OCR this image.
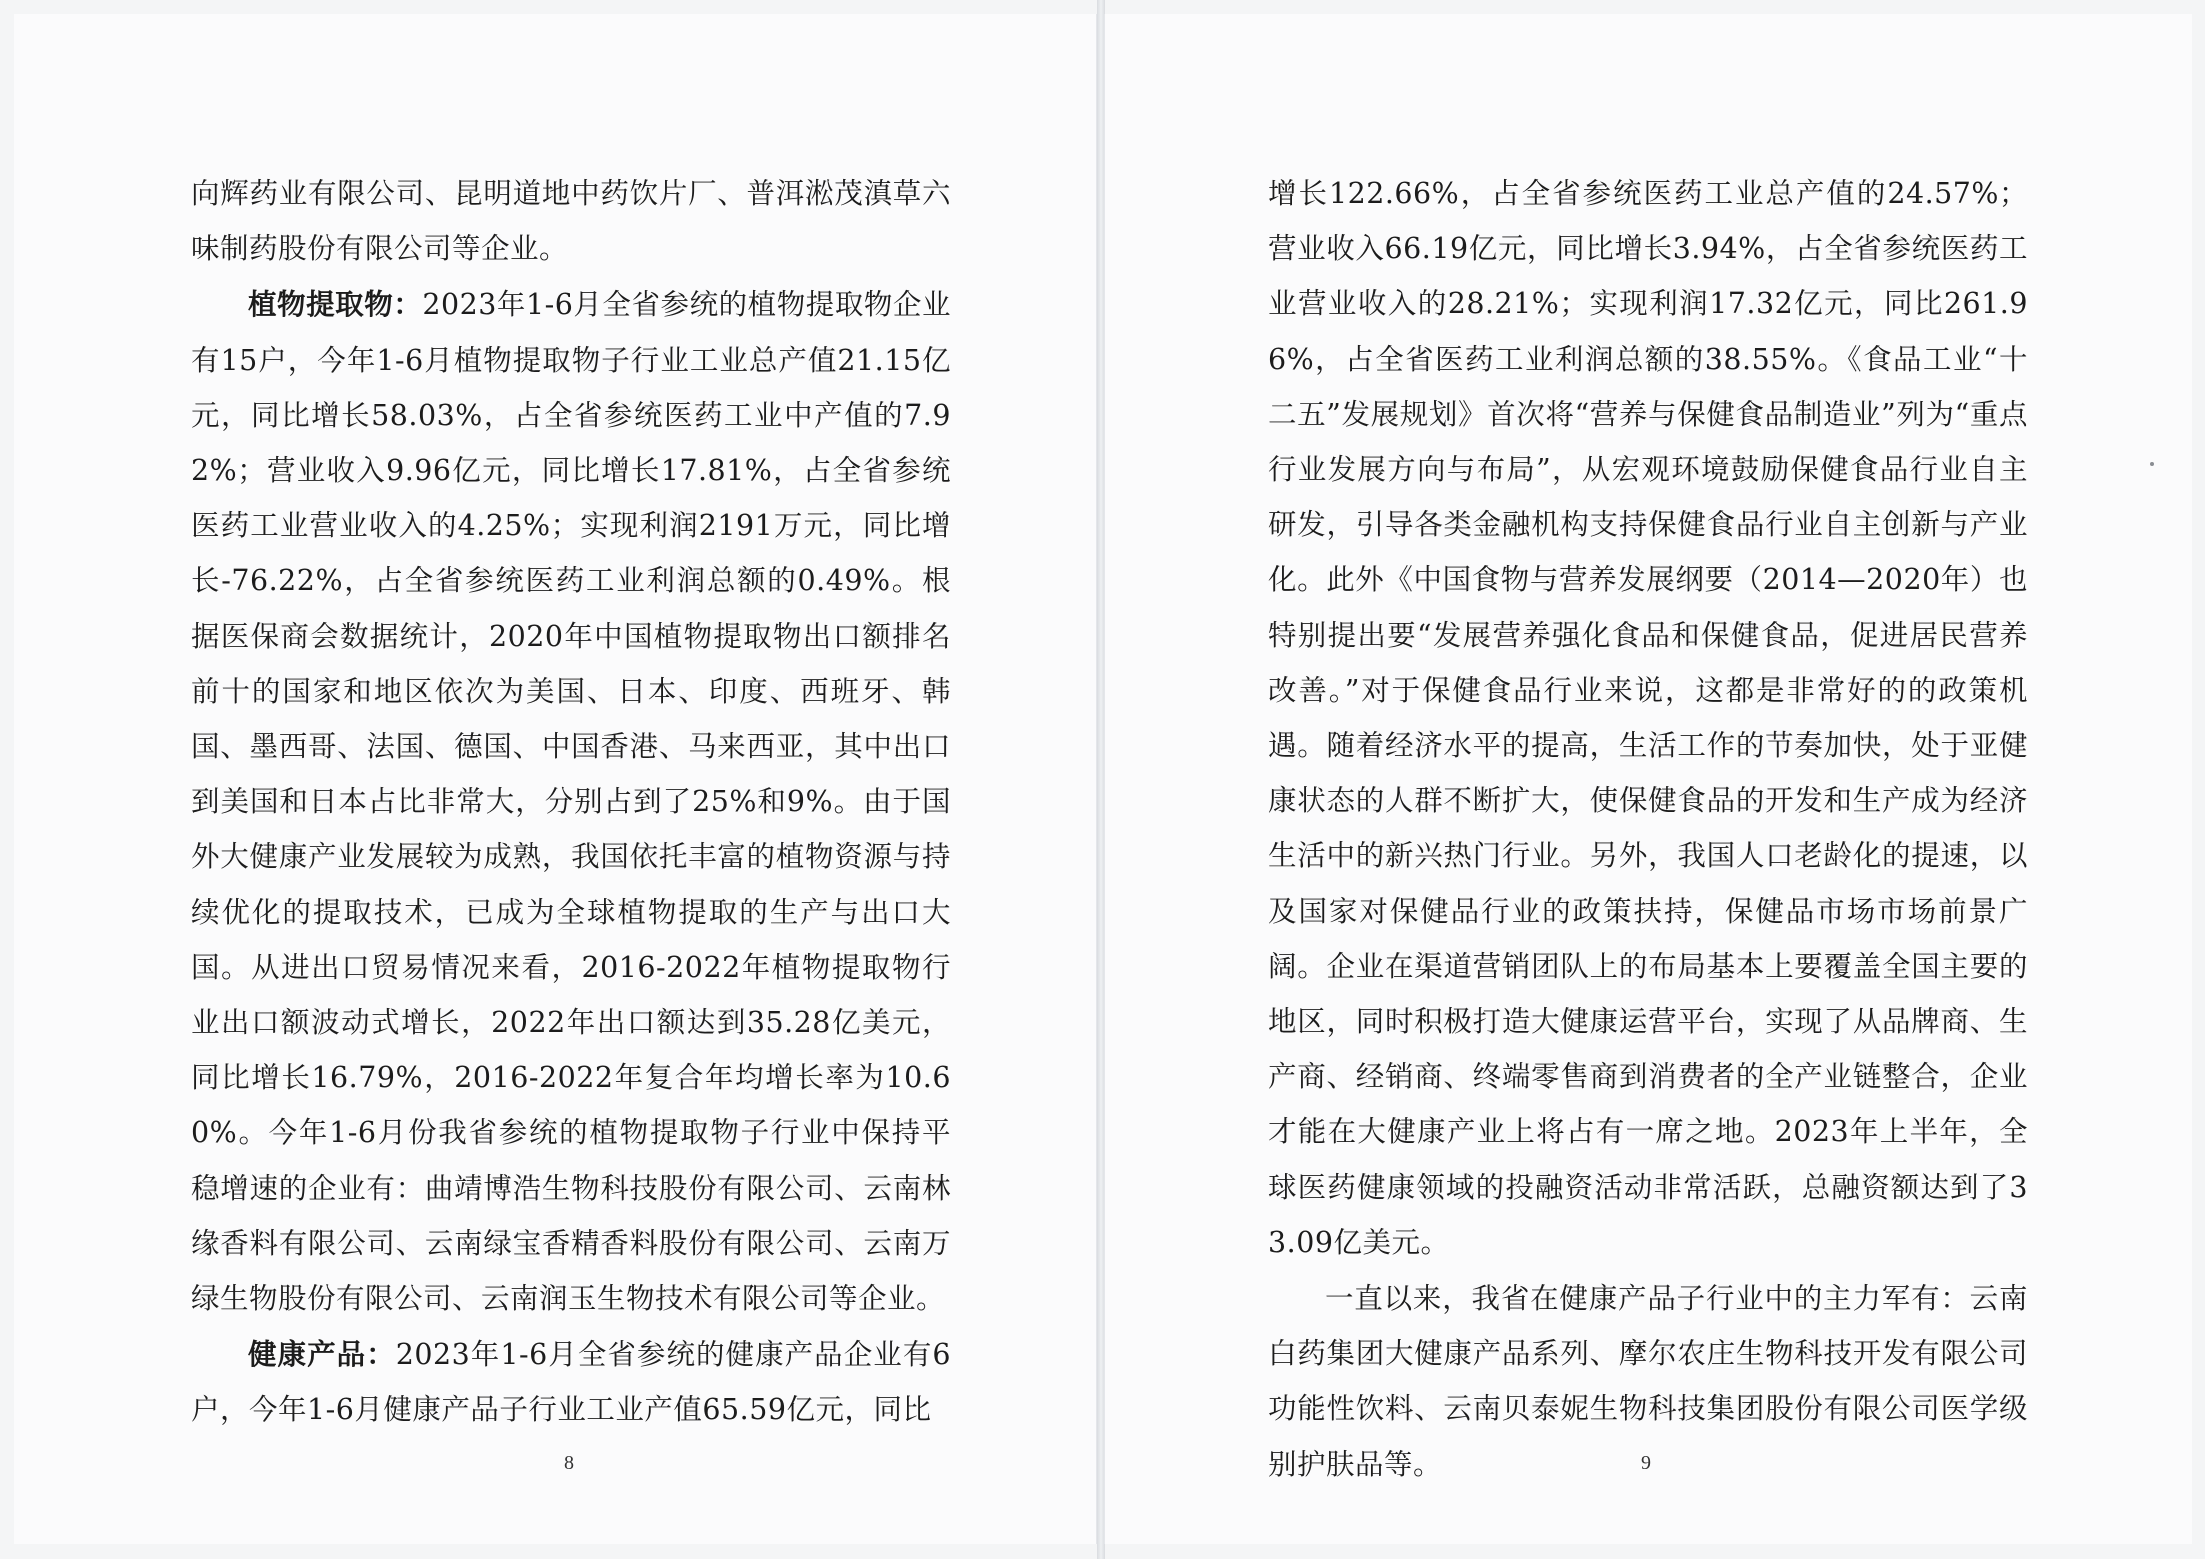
向辉药业有限公司、昆明道地中药饮片厂、普洱淞茂滇草六味制药股份有限公司等企业。

植物提取物：2023年1-6月全省参统的植物提取物企业有15户，今年1-6月植物提取物子行业工业总产值21.15亿元，同比增长58.03%，占全省参统医药工业中产值的7.92%；营业收入9.96亿元，同比增长17.81%，占全省参统医药工业营业收入的4.25%；实现利润2191万元，同比增长-76.22%，占全省参统医药工业利润总额的0.49%。根据医保商会数据统计，2020年中国植物提取物出口额排名前十的国家和地区依次为美国、日本、印度、西班牙、韩国、墨西哥、法国、德国、中国香港、马来西亚，其中出口到美国和日本占比非常大，分别占到了25%和9%。由于国外大健康产业发展较为成熟，我国依托丰富的植物资源与持续优化的提取技术，已成为全球植物提取的生产与出口大国。从进出口贸易情况来看，2016-2022年植物提取物行业出口额波动式增长，2022年出口额达到35.28亿美元，同比增长16.79%，2016-2022年复合年均增长率为10.60%。今年1-6月份我省参统的植物提取物子行业中保持平稳增速的企业有：曲靖博浩生物科技股份有限公司、云南林缘香料有限公司、云南绿宝香精香料股份有限公司、云南万绿生物股份有限公司、云南润玉生物技术有限公司等企业。

健康产品：2023年1-6月全省参统的健康产品企业有6户，今年1-6月健康产品子行业工业产值65.59亿元，同比

8

增长122.66%，占全省参统医药工业总产值的24.57%；营业收入66.19亿元，同比增长3.94%，占全省参统医药工业营业收入的28.21%；实现利润17.32亿元，同比261.96%，占全省医药工业利润总额的38.55%。《食品工业“十二五”发展规划》首次将“营养与保健食品制造业”列为“重点行业发展方向与布局”，从宏观环境鼓励保健食品行业自主研发，引导各类金融机构支持保健食品行业自主创新与产业化。此外《中国食物与营养发展纲要（2014—2020年）也特别提出要“发展营养强化食品和保健食品，促进居民营养改善。”对于保健食品行业来说，这都是非常好的的政策机遇。随着经济水平的提高，生活工作的节奏加快，处于亚健康状态的人群不断扩大，使保健食品的开发和生产成为经济生活中的新兴热门行业。另外，我国人口老龄化的提速，以及国家对保健品行业的政策扶持，保健品市场市场前景广阔。企业在渠道营销团队上的布局基本上要覆盖全国主要的地区，同时积极打造大健康运营平台，实现了从品牌商、生产商、经销商、终端零售商到消费者的全产业链整合，企业才能在大健康产业上将占有一席之地。2023年上半年，全球医药健康领域的投融资活动非常活跃，总融资额达到了33.09亿美元。

一直以来，我省在健康产品子行业中的主力军有：云南白药集团大健康产品系列、摩尔农庄生物科技开发有限公司功能性饮料、云南贝泰妮生物科技集团股份有限公司医学级别护肤品等。	9
